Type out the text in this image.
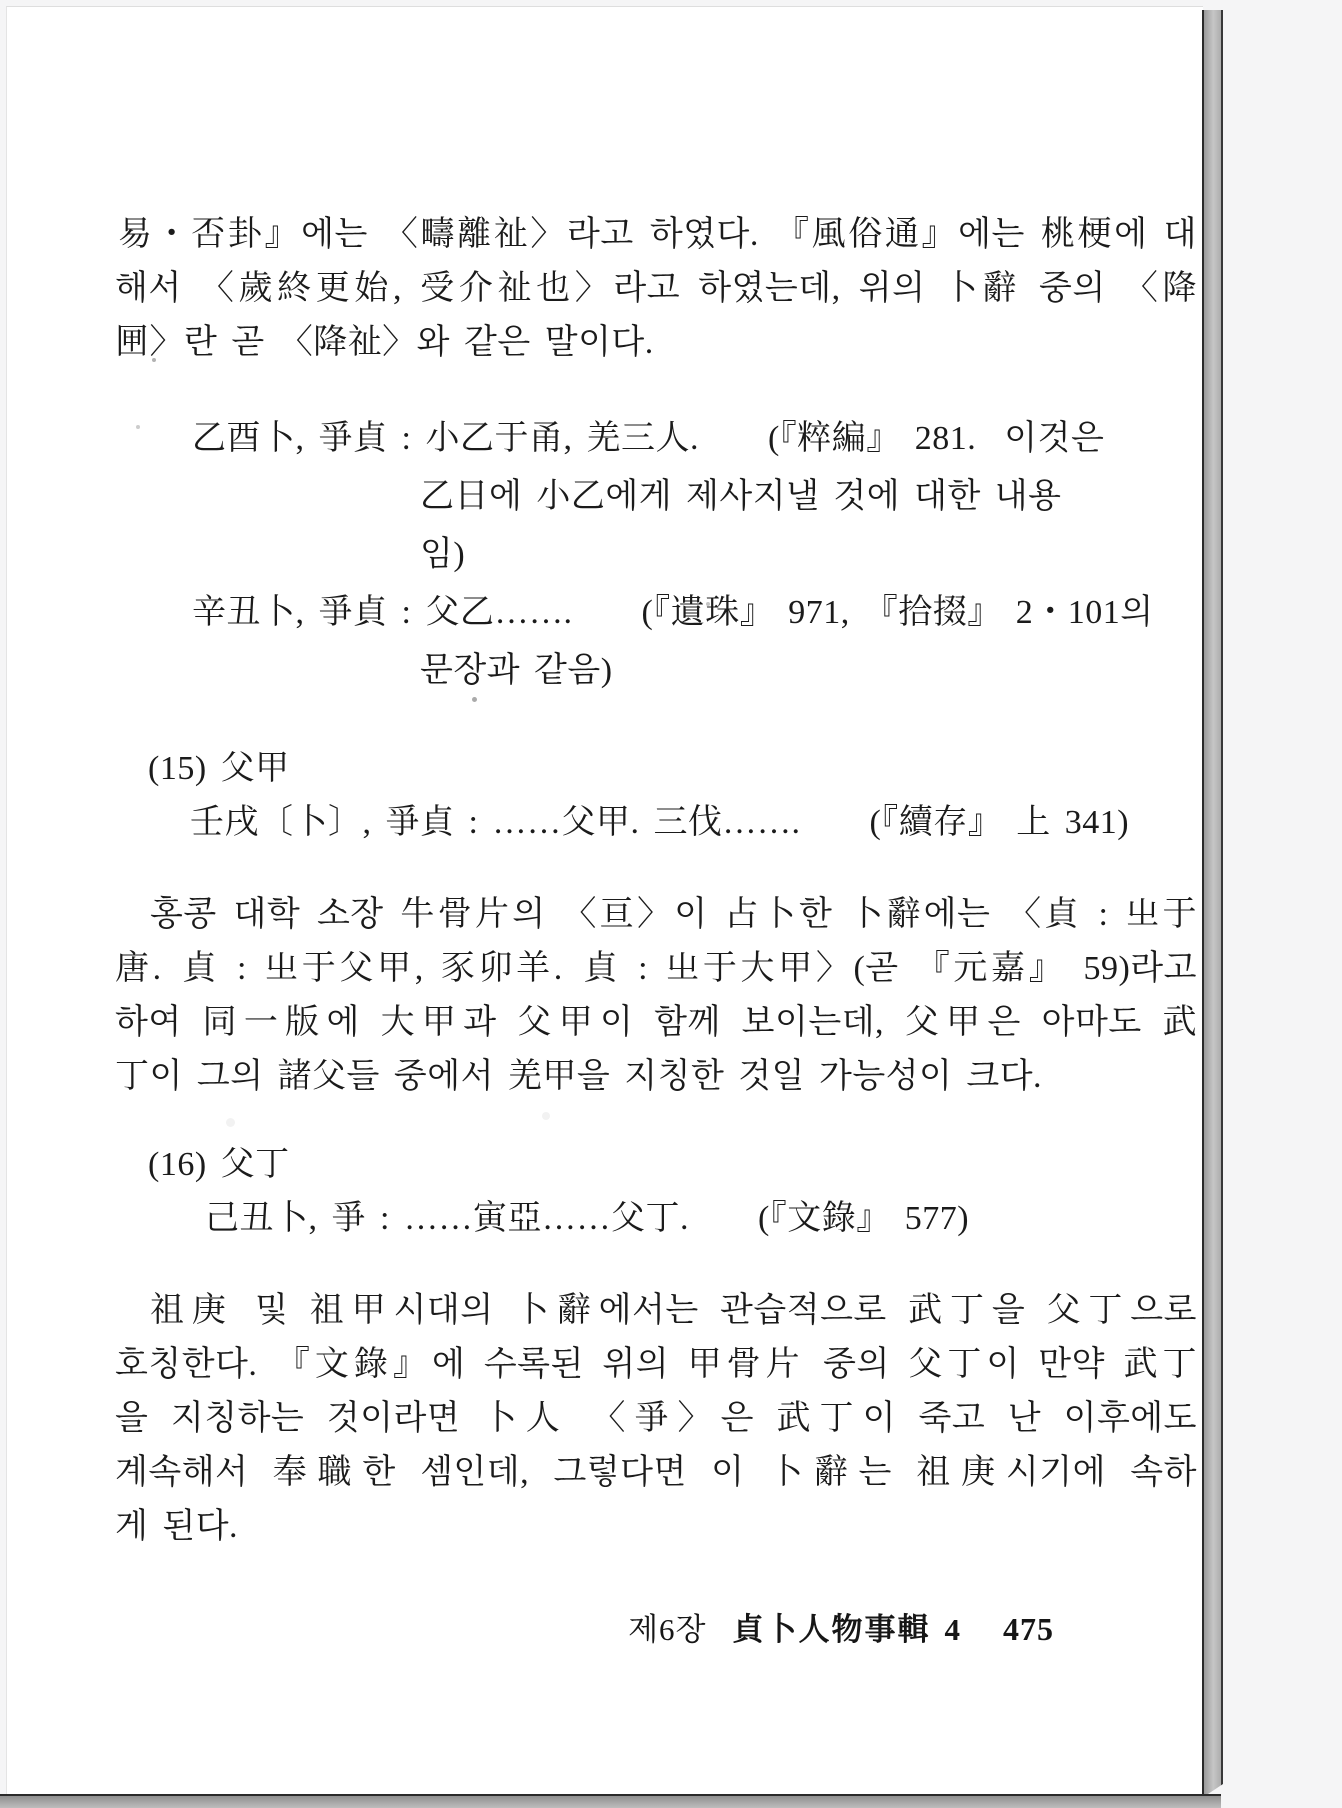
易・否卦』에는 〈疇離祉〉라고 하였다. 『風俗通』에는 桃梗에 대
해서 〈歲終更始, 受介祉也〉라고 하였는데, 위의 卜辭 중의 〈降
㘡〉란 곧 〈降祉〉와 같은 말이다.
乙酉卜, 爭貞 : 小乙于甬, 羌三人.  (『粹編』 281.  이것은
乙日에 小乙에게 제사지낼 것에 대한 내용
임)
辛丑卜, 爭貞 : 父乙…….  (『遺珠』 971, 『拾掇』 2・101의
문장과 같음)
(15) 父甲
壬戌〔卜〕, 爭貞 : ……父甲. 三伐…….  (『續存』 上 341)
홍콩 대학 소장 牛骨片의 〈亘〉이 占卜한 卜辭에는 〈貞 : 㞢于
唐. 貞 : 㞢于父甲, 豕卯羊. 貞 : 㞢于大甲〉(곧 『元嘉』 59)라고
하여 同一版에 大甲과 父甲이 함께 보이는데, 父甲은 아마도 武
丁이 그의 諸父들 중에서 羌甲을 지칭한 것일 가능성이 크다.
(16) 父丁
己丑卜, 爭 : ……寅亞……父丁.  (『文錄』 577)
祖庚 및 祖甲시대의 卜辭에서는 관습적으로 武丁을 父丁으로
호칭한다. 『文錄』에 수록된 위의 甲骨片 중의 父丁이 만약 武丁
을 지칭하는 것이라면 卜人 〈爭〉은 武丁이 죽고 난 이후에도
계속해서 奉職한 셈인데, 그렇다면 이 卜辭는 祖庚시기에 속하
게 된다.
제6장 貞卜人物事輯 4 475
